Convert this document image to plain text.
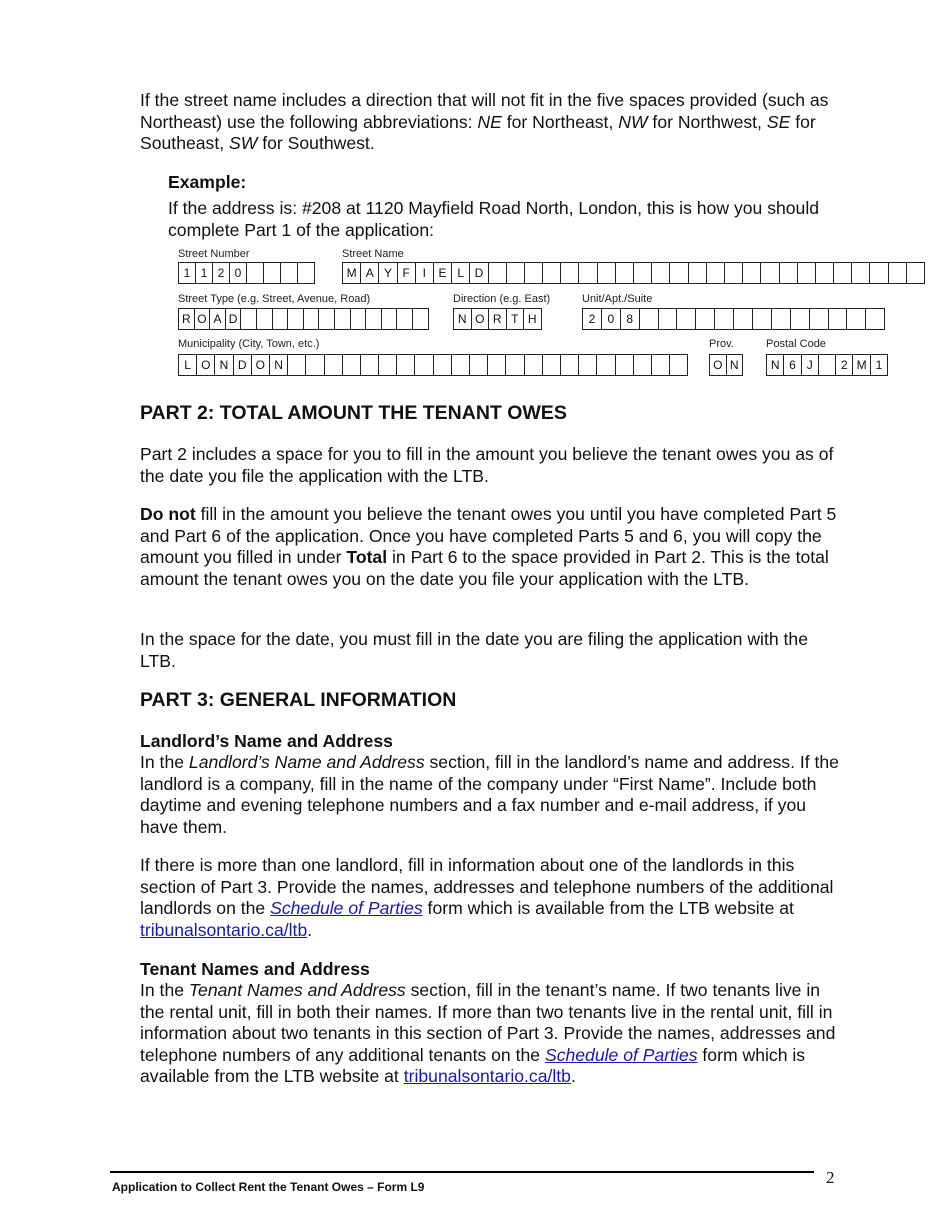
If the street name includes a direction that will not fit in the five spaces provided (such as Northeast) use the following abbreviations: NE for Northeast, NW for Northwest, SE for Southeast, SW for Southwest.

Example:

If the address is: #208 at 1120 Mayfield Road North, London, this is how you should complete Part 1 of the application:

Street Number
1 1 2 0
Street Name
M A Y F	I	E L D
Street Type (e.g. Street, Avenue, Road)
R O A D
Direction (e.g. East)
N O R T H
Unit/Apt./Suite
2	0	8
Municipality (City, Town, etc.)
L O N D O N
Prov.
O N
Postal Code
N 6 J	2 M 1
PART 2: TOTAL AMOUNT THE TENANT OWES

Part 2 includes a space for you to fill in the amount you believe the tenant owes you as of the date you file the application with the LTB.

Do not fill in the amount you believe the tenant owes you until you have completed Part 5 and Part 6 of the application. Once you have completed Parts 5 and 6, you will copy the amount you filled in under Total in Part 6 to the space provided in Part 2. This is the total amount the tenant owes you on the date you file your application with the LTB.

In the space for the date, you must fill in the date you are filing the application with the LTB.

PART 3: GENERAL INFORMATION

Landlord’s Name and Address

In the Landlord’s Name and Address section, fill in the landlord’s name and address. If the landlord is a company, fill in the name of the company under “First Name”. Include both daytime and evening telephone numbers and a fax number and e-mail address, if you have them.

If there is more than one landlord, fill in information about one of the landlords in this section of Part 3. Provide the names, addresses and telephone numbers of the additional landlords on the Schedule of Parties form which is available from the LTB website at tribunalsontario.ca/ltb.

Tenant Names and Address

In the Tenant Names and Address section, fill in the tenant’s name. If two tenants live in the rental unit, fill in both their names. If more than two tenants live in the rental unit, fill in information about two tenants in this section of Part 3. Provide the names, addresses and telephone numbers of any additional tenants on the Schedule of Parties form which is available from the LTB website at tribunalsontario.ca/ltb.

2
Application to Collect Rent the Tenant Owes – Form L9
